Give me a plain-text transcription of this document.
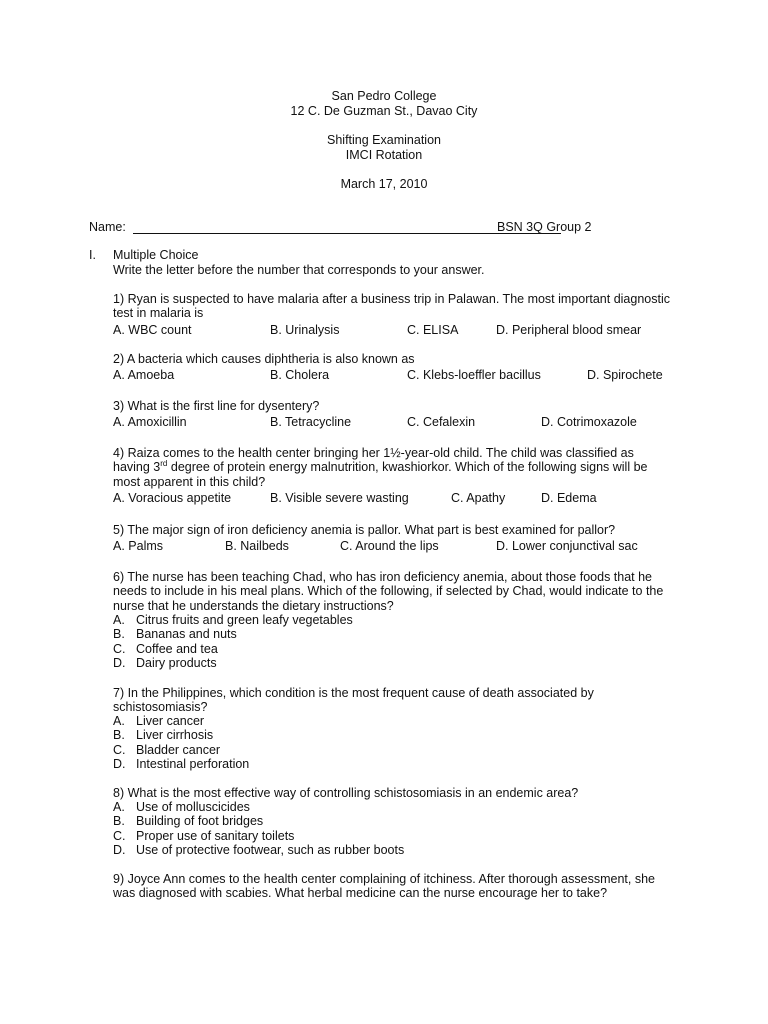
San Pedro College
12 C. De Guzman St., Davao City
Shifting Examination
IMCI Rotation
March 17, 2010
Name:	BSN 3Q Group 2
I. Multiple Choice
Write the letter before the number that corresponds to your answer.
1) Ryan is suspected to have malaria after a business trip in Palawan. The most important diagnostic test in malaria is
A. WBC count	B. Urinalysis	C. ELISA	D. Peripheral blood smear
2) A bacteria which causes diphtheria is also known as
A. Amoeba	B. Cholera	C. Klebs-loeffler bacillus	D. Spirochete
3) What is the first line for dysentery?
A. Amoxicillin	B. Tetracycline	C. Cefalexin	D. Cotrimoxazole
4) Raiza comes to the health center bringing her 1½-year-old child. The child was classified as having 3rd degree of protein energy malnutrition, kwashiorkor. Which of the following signs will be most apparent in this child?
A. Voracious appetite	B. Visible severe wasting	C. Apathy	D. Edema
5) The major sign of iron deficiency anemia is pallor. What part is best examined for pallor?
A. Palms	B. Nailbeds	C. Around the lips	D. Lower conjunctival sac
6) The nurse has been teaching Chad, who has iron deficiency anemia, about those foods that he needs to include in his meal plans. Which of the following, if selected by Chad, would indicate to the nurse that he understands the dietary instructions?
A. Citrus fruits and green leafy vegetables
B. Bananas and nuts
C. Coffee and tea
D. Dairy products
7) In the Philippines, which condition is the most frequent cause of death associated by schistosomiasis?
A. Liver cancer
B. Liver cirrhosis
C. Bladder cancer
D. Intestinal perforation
8) What is the most effective way of controlling schistosomiasis in an endemic area?
A. Use of molluscicides
B. Building of foot bridges
C. Proper use of sanitary toilets
D. Use of protective footwear, such as rubber boots
9) Joyce Ann comes to the health center complaining of itchiness. After thorough assessment, she was diagnosed with scabies. What herbal medicine can the nurse encourage her to take?
